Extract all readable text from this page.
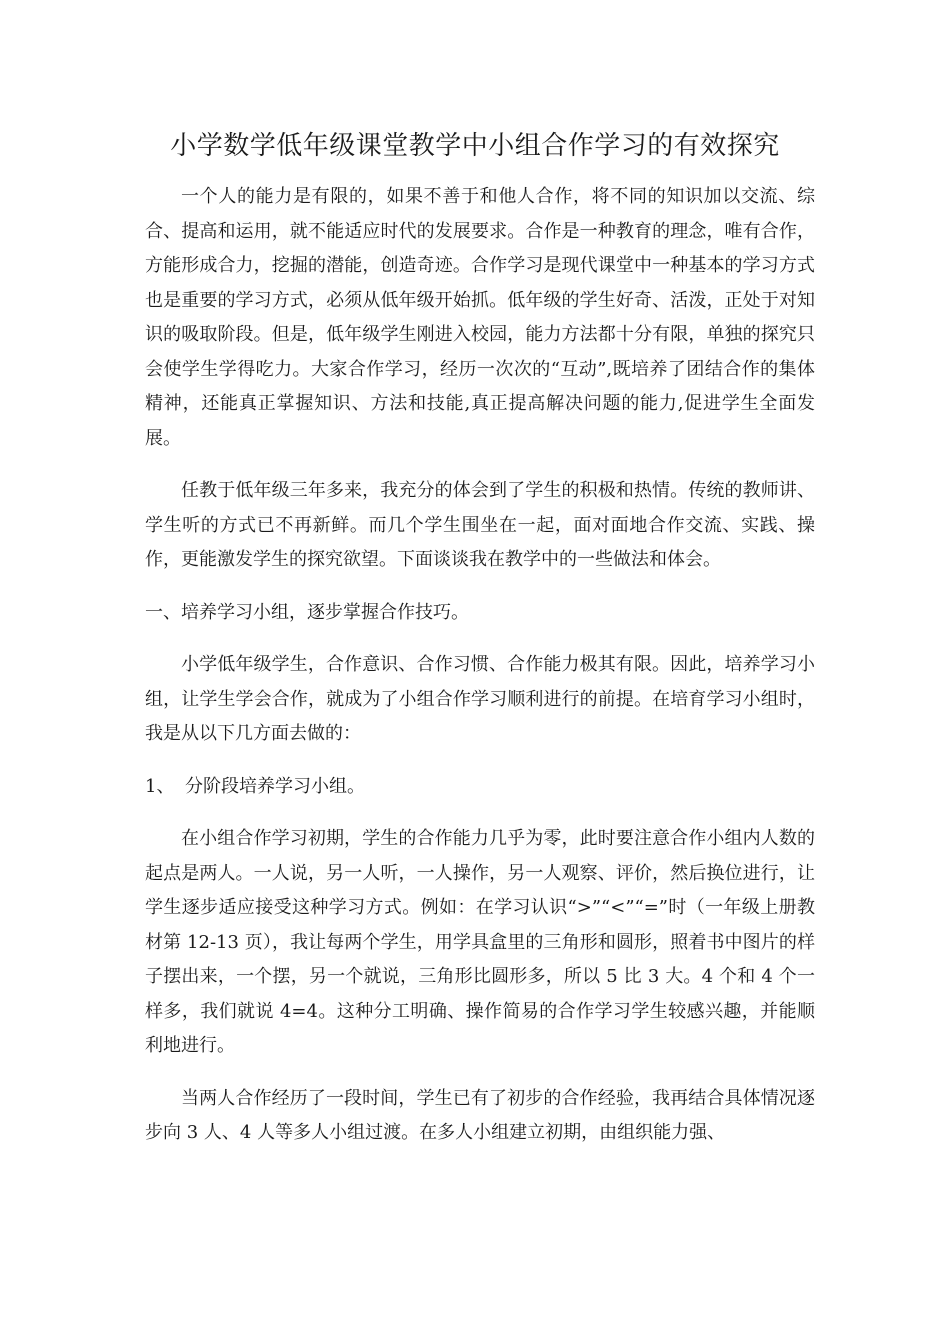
小学数学低年级课堂教学中小组合作学习的有效探究

一个人的能力是有限的，如果不善于和他人合作，将不同的知识加以交流、综合、提高和运用，就不能适应时代的发展要求。合作是一种教育的理念，唯有合作，方能形成合力，挖掘的潜能，创造奇迹。合作学习是现代课堂中一种基本的学习方式也是重要的学习方式，必须从低年级开始抓。低年级的学生好奇、活泼，正处于对知识的吸取阶段。但是，低年级学生刚进入校园，能力方法都十分有限，单独的探究只会使学生学得吃力。大家合作学习，经历一次次的“互动”,既培养了团结合作的集体精神，还能真正掌握知识、方法和技能,真正提高解决问题的能力,促进学生全面发展。

任教于低年级三年多来，我充分的体会到了学生的积极和热情。传统的教师讲、学生听的方式已不再新鲜。而几个学生围坐在一起，面对面地合作交流、实践、操作，更能激发学生的探究欲望。下面谈谈我在教学中的一些做法和体会。

一、培养学习小组，逐步掌握合作技巧。

小学低年级学生，合作意识、合作习惯、合作能力极其有限。因此，培养学习小组，让学生学会合作，就成为了小组合作学习顺利进行的前提。在培育学习小组时，我是从以下几方面去做的：

1、 分阶段培养学习小组。

在小组合作学习初期，学生的合作能力几乎为零，此时要注意合作小组内人数的起点是两人。一人说，另一人听，一人操作，另一人观察、评价，然后换位进行，让学生逐步适应接受这种学习方式。例如：在学习认识“>”“<”“=”时（一年级上册教材第 12-13 页），我让每两个学生，用学具盒里的三角形和圆形，照着书中图片的样子摆出来，一个摆，另一个就说，三角形比圆形多，所以 5 比 3 大。4 个和 4 个一样多，我们就说 4=4。这种分工明确、操作简易的合作学习学生较感兴趣，并能顺利地进行。

当两人合作经历了一段时间，学生已有了初步的合作经验，我再结合具体情况逐步向 3 人、4 人等多人小组过渡。在多人小组建立初期，由组织能力强、
